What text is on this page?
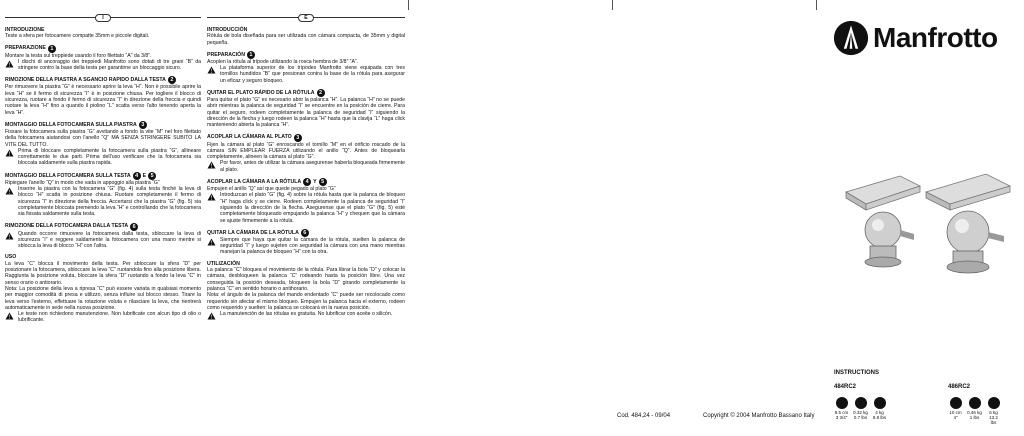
I
INTRODUZIONE
Teste a sfera per fotocamere compatte 35mm e piccole digitali.
PREPARAZIONE 1
Montare la testa sul treppiede usando il foro filettato “A” da 3/8”.
I dischi di ancoraggio dei treppiedi Manfrotto sono dotati di tre grani “B” da stringere contro la base della testa per garantirne un bloccaggio sicuro.
RIMOZIONE DELLA PIASTRA A SGANCIO RAPIDO DALLA TESTA 2
Per rimuovere la piastra “G” è necessario aprire la leva “H”. Non è possibile aprire la leva “H” se il fermo di sicurezza “I” è in posizione chiusa. Per togliere il blocco di sicurezza, ruotare a fondo il fermo di sicurezza “I” in direzione della freccia e quindi ruotare la leva “H” fino a quando il piolino “L” scatta verso l'alto tenendo aperta la leva “H”.
MONTAGGIO DELLA FOTOCAMERA SULLA PIASTRA 3
Fissare la fotocamera sulla piastra “G” avvitando a fondo la vite “M” nel foro filettato della fotocamera aiutandosi con l'anello “Q” MA SENZA STRINGERE SUBITO LA VITE DEL TUTTO.
Prima di bloccare completamente la fotocamera sulla piastra “G”, allineare correttamente le due parti. Prima dell'uso verificare che la fotocamera sia bloccata saldamente sulla piastra rapida.
MONTAGGIO DELLA FOTOCAMERA SULLA TESTA 4 E 5
Ripiegare l'anello “Q” in modo che vada in appoggio alla piastra “G”
Inserire la piastra con la fotocamera “G” (fig. 4) sulla testa finché la leva di blocco “H” scatta in posizione chiusa. Ruotare completamente il fermo di sicurezza “I” in direzione della freccia. Accertarsi che la piastra “G” (fig. 5) sia completamente bloccata premendo la leva “H” e controllando che la fotocamera sia fissata saldamente sulla testa.
RIMOZIONE DELLA FOTOCAMERA DALLA TESTA 6
Quando occorre rimuovere la fotocamera dalla testa, sbloccare la leva di sicurezza “I” e reggere saldamente la fotocamera con una mano mentre si sblocca la leva di blocco “H” con l'altra.
USO
La leva “C” blocca il movimento della testa. Per sbloccare la sfera “D” per posizionare la fotocamera, sbloccare la leva “C” ruotandola fino alla posizione libera. Raggiunta la posizione voluta, bloccare la sfera “D” ruotando a fondo la leva “C” in senso orario o antiorario.
Nota: La posizione della leva a ripresa “C” può essere variata in qualsiasi momento per maggior comodità di presa e utilizzo, senza influire sul blocco stesso. Tirare la leva verso l'esterno, effettuare la rotazione voluta e rilasciare la leva, che rientrerà automaticamente in sede nella nuova posizione.
Le teste non richiedono manutenzione. Non lubrificate con alcun tipo di olio o lubrificante.
E
INTRODUCCIÓN
Rótula de bola diseñada para ser utilizada con cámara compacta, de 35mm y digital pequeña.
PREPARACIÓN 1
Acoplen la rótula al trípode utilizando la rosca hembra de 3/8” “A”.
La plataforma superior de los trípodes Manfrotto viene equipada con tres tornillos hundidos “B” que presionan contra la base de la rótula para asegurar un eficaz y seguro bloqueo.
QUITAR EL PLATO RÁPIDO DE LA RÓTULA 2
Para quitar el plato “G” es necesario abrir la palanca “H”. La palanca “H” no se puede abrir mientras la palanca de seguridad “I” se encuentre en la posición de cierre. Para quitar el seguro, rodeen completamente la palanca de seguridad “I” siguiendo la dirección de la flecha y luego rodeen la palanca “H” hasta que la clavija “L” haga click manteniendo abierta la palanca “H”.
ACOPLAR LA CÁMARA AL PLATO 3
Fijen la cámara al plato “G” enroscando el tornillo “M” en el orificio roscado de la cámara SIN EMPLEAR FUERZA utilizando el anillo “Q”. Antes de bloquearla completamente, alineen la cámara al plato “G”.
Por favor, antes de utilizar la cámara asegurense haberla bloqueada firmemente al plato.
ACOPLAR LA CÁMARA A LA RÓTULA 4 Y 5
Empujen el anillo “Q” así que quede pegado al plato “G”
Introduzcan el plato “G” (fig. 4) sobre la rótula hasta que la palanca de bloqueo “H” haga click y se cierre. Rodeen completamente la palanca de seguridad “I” siguiendo la dirección de la flecha. Asegurense que el plato “G” (fig. 5) esté completamente bloqueado empujando la palanca “H” y chequen que la cámara se ajuste firmemente a la rótula.
QUITAR LA CÁMARA DE LA RÓTULA 6
Siempre que haya que quitar la cámara de la rótula, suelten la palanca de seguridad “I” y luego sujeten con seguridad la cámara con una mano mientras manejan la palanca de bloqueo “H” con la otra.
UTILIZACIÓN
La palanca “C” bloquea el movimiento de la rótula. Para librar la bola “D” y colocar la cámara, desbloqueen la palanca “C” rodeando hasta la posición libre. Una vez conseguida la posición deseada, bloqueen la bola “D” girando completamente la palanca “C” en sentido horario o antihorario.
Nota: el ángulo de la palanca del mando endentado “C” puede ser recolocado como requerido sin afectar el mismo bloqueo. Empujen la palanca hacia el externo, rodeen como requerido y suelten: la palanca se colocará en la nueva posición.
La manutención de las rótulas es gratuita. No lubrificar con aceite o silicón.
Manfrotto
INSTRUCTIONS
484RC2	486RC2
9.5 cm
3 3/4"
0.32 kg
0.7 lbs
4 kg
8.8 lbs
10 cm
4"
0.46 kg
1 lbs
6 kg
13.2 lbs
Cod. 484,24 - 09/04	Copyright © 2004 Manfrotto Bassano Italy
